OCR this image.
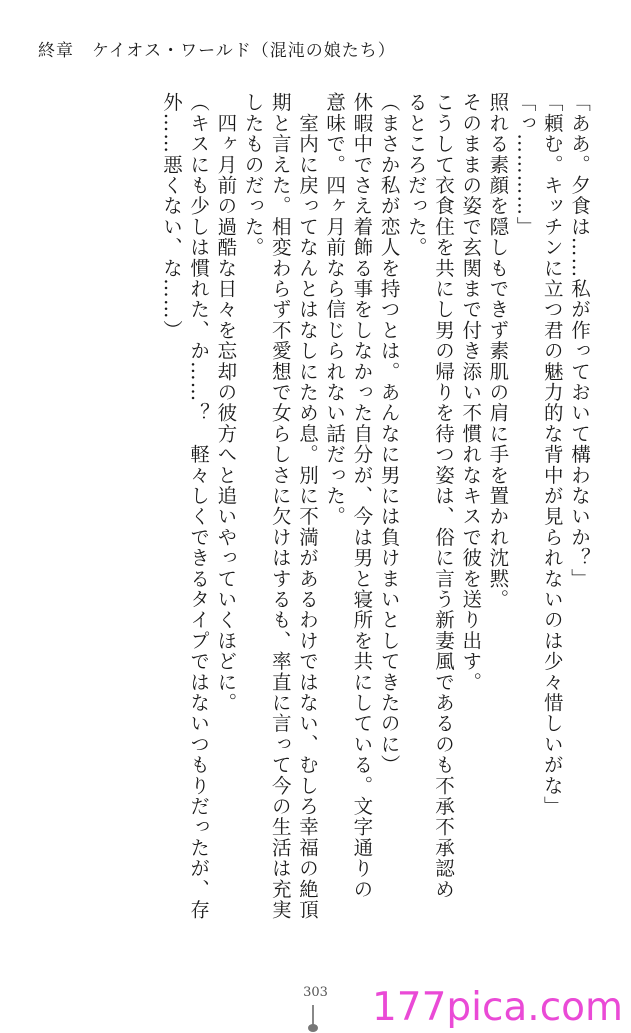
終章　ケイオス・ワールド（混沌の娘たち）
「ああ。夕食は……私が作っておいて構わないか？」
「頼む。キッチンに立つ君の魅力的な背中が見られないのは少々惜しいがな」
「っ…………」
照れる素顔を隠しもできず素肌の肩に手を置かれ沈黙。
そのままの姿で玄関まで付き添い不慣れなキスで彼を送り出す。
こうして衣食住を共にし男の帰りを待つ姿は、俗に言う新妻風であるのも不承不承認め
るところだった。
（まさか私が恋人を持つとは。あんなに男には負けまいとしてきたのに）
休暇中でさえ着飾る事をしなかった自分が、今は男と寝所を共にしている。文字通りの
意味で。四ヶ月前なら信じられない話だった。
　室内に戻ってなんとはなしにため息。別に不満があるわけではない、むしろ幸福の絶頂
期と言えた。相変わらず不愛想で女らしさに欠けはするも、率直に言って今の生活は充実
したものだった。
　四ヶ月前の過酷な日々を忘却の彼方へと追いやっていくほどに。
（キスにも少しは慣れた、か……？　軽々しくできるタイプではないつもりだったが、存
外……悪くない、な……）
303	177pica.com
